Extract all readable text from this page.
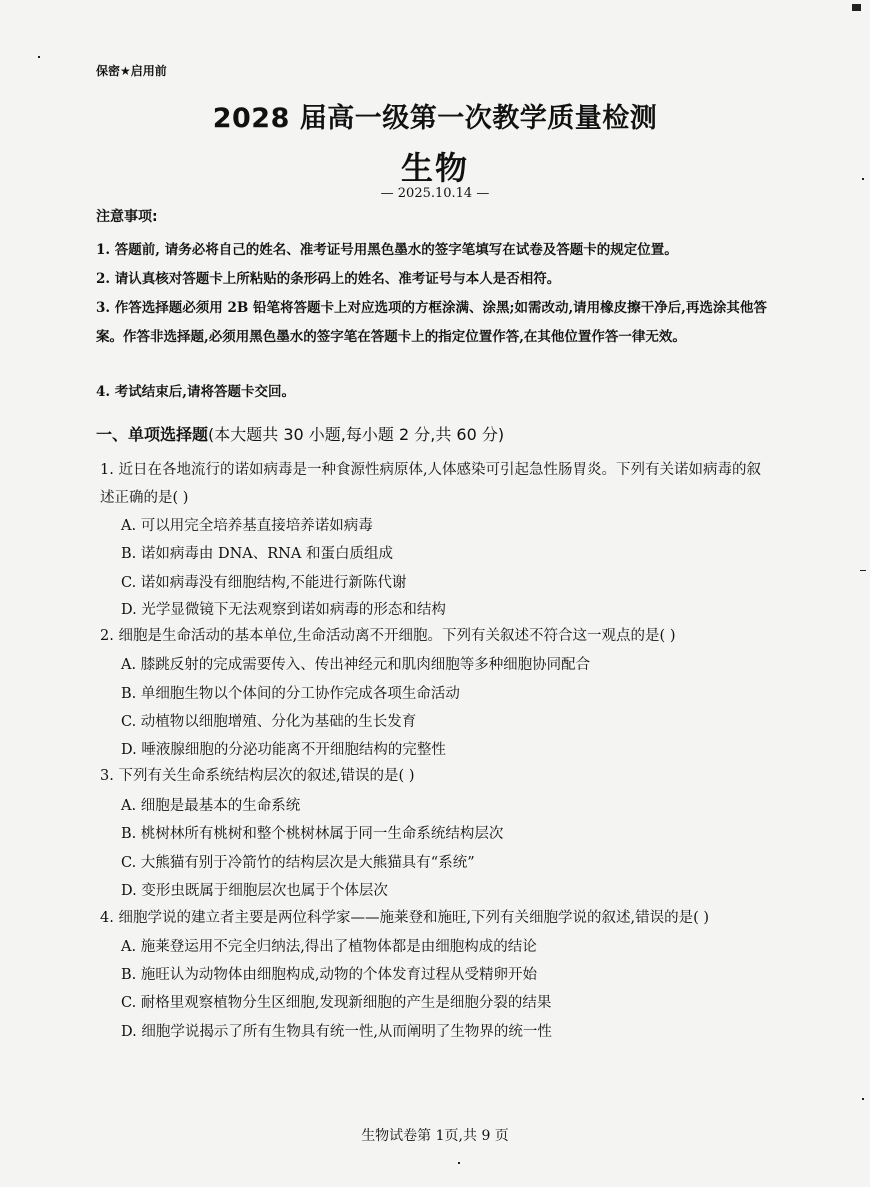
保密★启用前
2028 届高一级第一次教学质量检测
生物
— 2025.10.14 —
注意事项:
1. 答题前, 请务必将自己的姓名、准考证号用黑色墨水的签字笔填写在试卷及答题卡的规定位置。
2. 请认真核对答题卡上所粘贴的条形码上的姓名、准考证号与本人是否相符。
3. 作答选择题必须用 2B 铅笔将答题卡上对应选项的方框涂满、涂黑;如需改动,请用橡皮擦干净后,再选涂其他答案。作答非选择题,必须用黑色墨水的签字笔在答题卡上的指定位置作答,在其他位置作答一律无效。
4. 考试结束后,请将答题卡交回。
一、单项选择题(本大题共 30 小题,每小题 2 分,共 60 分)
1. 近日在各地流行的诺如病毒是一种食源性病原体,人体感染可引起急性肠胃炎。下列有关诺如病毒的叙述正确的是( )
A. 可以用完全培养基直接培养诺如病毒
B. 诺如病毒由 DNA、RNA 和蛋白质组成
C. 诺如病毒没有细胞结构,不能进行新陈代谢
D. 光学显微镜下无法观察到诺如病毒的形态和结构
2. 细胞是生命活动的基本单位,生命活动离不开细胞。下列有关叙述不符合这一观点的是( )
A. 膝跳反射的完成需要传入、传出神经元和肌肉细胞等多种细胞协同配合
B. 单细胞生物以个体间的分工协作完成各项生命活动
C. 动植物以细胞增殖、分化为基础的生长发育
D. 唾液腺细胞的分泌功能离不开细胞结构的完整性
3. 下列有关生命系统结构层次的叙述,错误的是( )
A. 细胞是最基本的生命系统
B. 桃树林所有桃树和整个桃树林属于同一生命系统结构层次
C. 大熊猫有别于冷箭竹的结构层次是大熊猫具有“系统”
D. 变形虫既属于细胞层次也属于个体层次
4. 细胞学说的建立者主要是两位科学家——施莱登和施旺,下列有关细胞学说的叙述,错误的是( )
A. 施莱登运用不完全归纳法,得出了植物体都是由细胞构成的结论
B. 施旺认为动物体由细胞构成,动物的个体发育过程从受精卵开始
C. 耐格里观察植物分生区细胞,发现新细胞的产生是细胞分裂的结果
D. 细胞学说揭示了所有生物具有统一性,从而阐明了生物界的统一性
生物试卷第 1页,共 9 页
